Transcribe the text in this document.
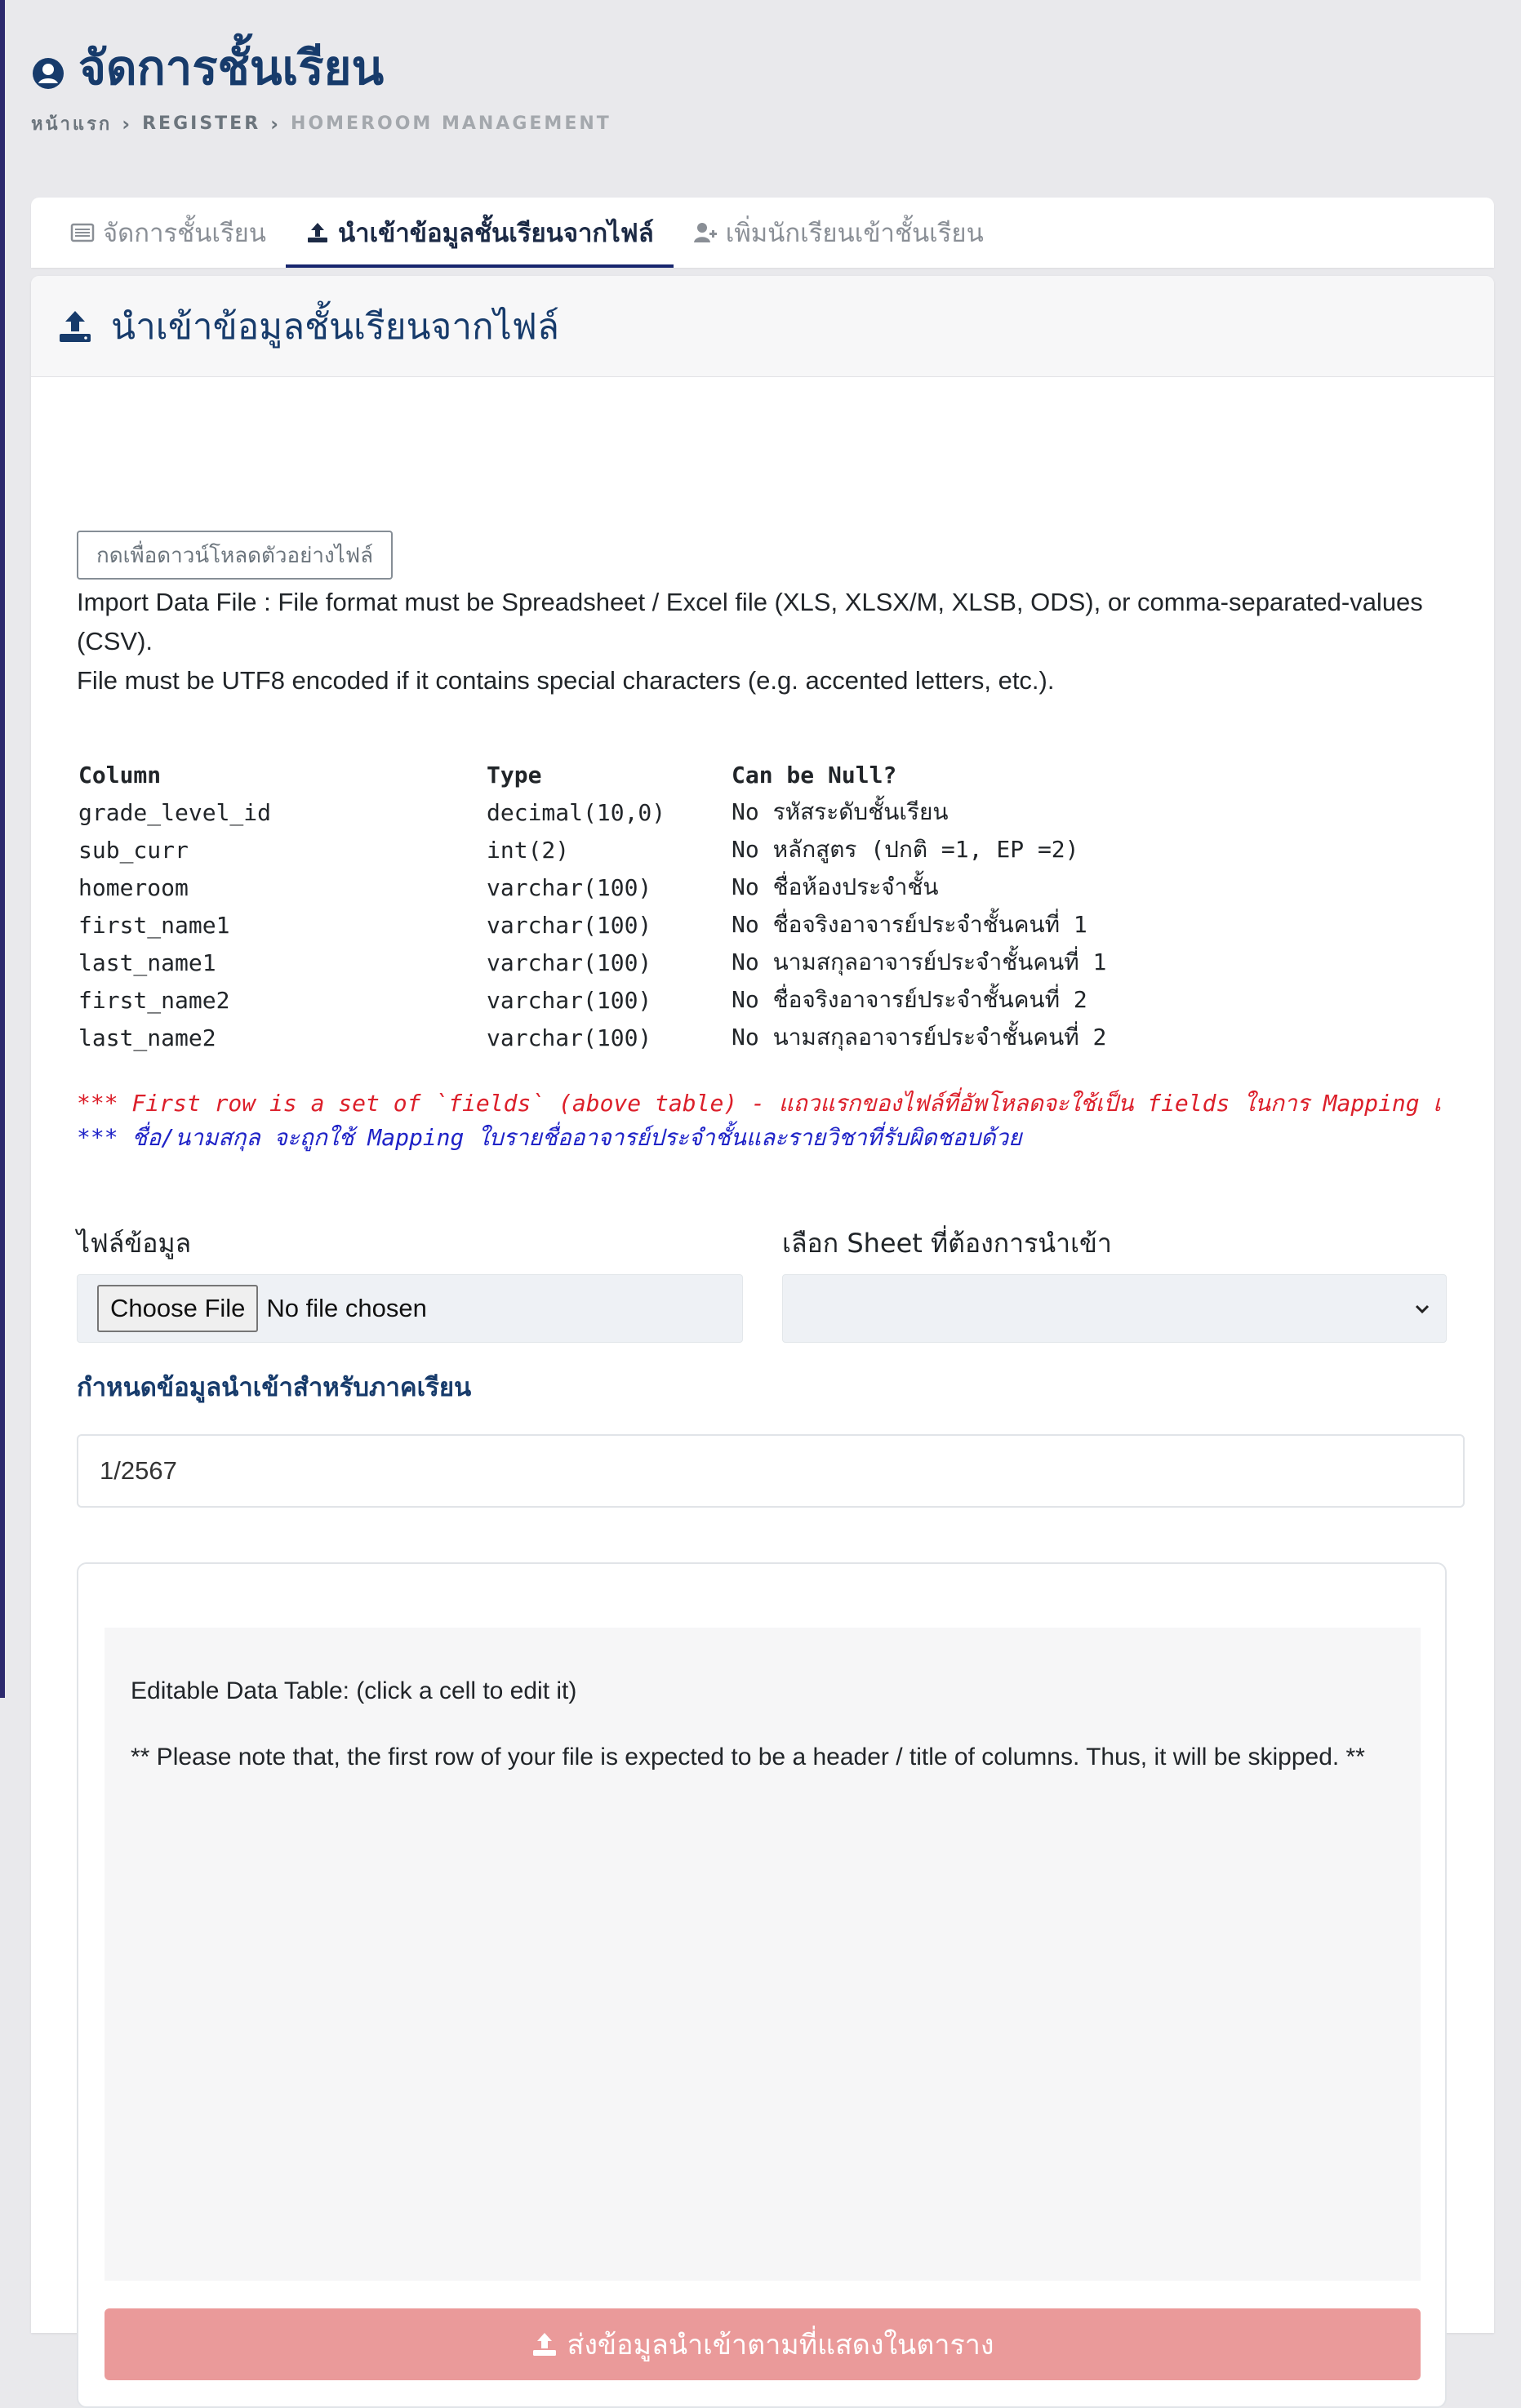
จัดการชั้นเรียน
หน้าแรก › REGISTER › HOMEROOM MANAGEMENT
จัดการชั้นเรียน	นำเข้าข้อมูลชั้นเรียนจากไฟล์	เพิ่มนักเรียนเข้าชั้นเรียน
นำเข้าข้อมูลชั้นเรียนจากไฟล์
กดเพื่อดาวน์โหลดตัวอย่างไฟล์
Import Data File : File format must be Spreadsheet / Excel file (XLS, XLSX/M, XLSB, ODS), or comma-separated-values (CSV).
File must be UTF8 encoded if it contains special characters (e.g. accented letters, etc.).
Column	Type	Can be Null?
grade_level_id	decimal(10,0)	No รหัสระดับชั้นเรียน
sub_curr	int(2)	No หลักสูตร (ปกติ =1, EP =2)
homeroom	varchar(100)	No ชื่อห้องประจำชั้น
first_name1	varchar(100)	No ชื่อจริงอาจารย์ประจำชั้นคนที่ 1
last_name1	varchar(100)	No นามสกุลอาจารย์ประจำชั้นคนที่ 1
first_name2	varchar(100)	No ชื่อจริงอาจารย์ประจำชั้นคนที่ 2
last_name2	varchar(100)	No นามสกุลอาจารย์ประจำชั้นคนที่ 2
*** First row is a set of `fields` (above table) - แถวแรกของไฟล์ที่อัพโหลดจะใช้เป็น fields ในการ Mapping เ
*** ชื่อ/นามสกุล จะถูกใช้ Mapping ใบรายชื่ออาจารย์ประจำชั้นและรายวิชาที่รับผิดชอบด้วย
ไฟล์ข้อมูล	เลือก Sheet ที่ต้องการนำเข้า
Choose File No file chosen
กำหนดข้อมูลนำเข้าสำหรับภาคเรียน
1/2567
Editable Data Table: (click a cell to edit it)
** Please note that, the first row of your file is expected to be a header / title of columns. Thus, it will be skipped. **
ส่งข้อมูลนำเข้าตามที่แสดงในตาราง
